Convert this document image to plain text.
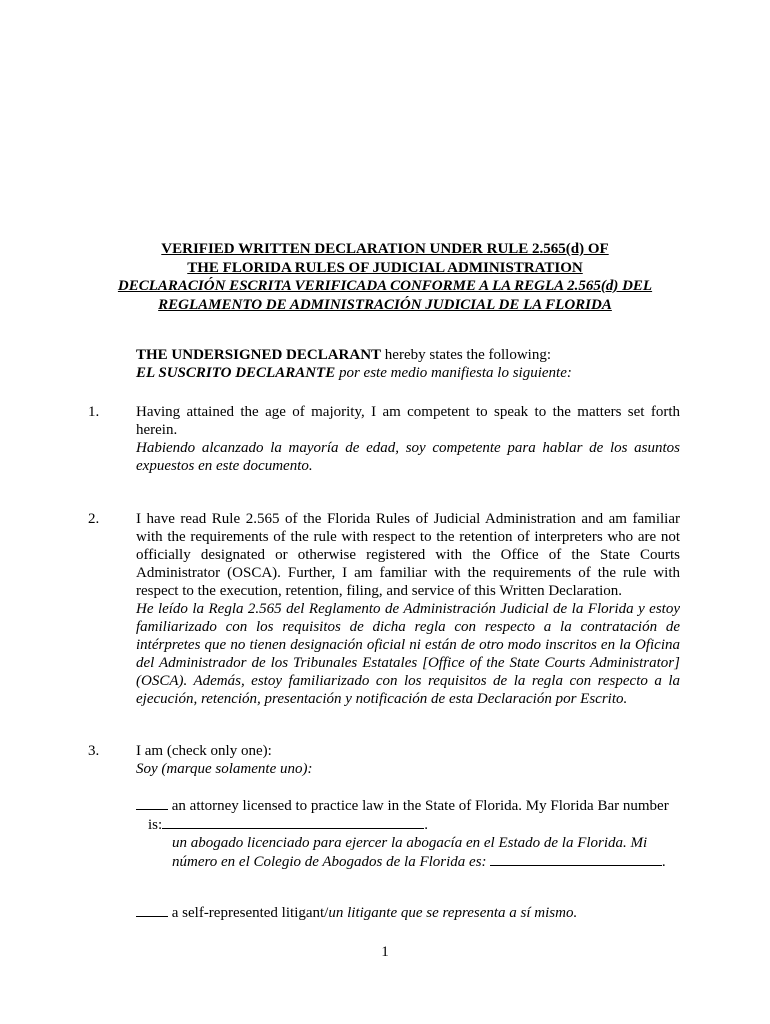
VERIFIED WRITTEN DECLARATION UNDER RULE 2.565(d) OF
THE FLORIDA RULES OF JUDICIAL ADMINISTRATION
DECLARACIÓN ESCRITA VERIFICADA CONFORME A LA REGLA 2.565(d) DEL
REGLAMENTO DE ADMINISTRACIÓN JUDICIAL DE LA FLORIDA
THE UNDERSIGNED DECLARANT hereby states the following:
EL SUSCRITO DECLARANTE por este medio manifiesta lo siguiente:
1. Having attained the age of majority, I am competent to speak to the matters set forth herein.
Habiendo alcanzado la mayoría de edad, soy competente para hablar de los asuntos expuestos en este documento.
2. I have read Rule 2.565 of the Florida Rules of Judicial Administration and am familiar with the requirements of the rule with respect to the retention of interpreters who are not officially designated or otherwise registered with the Office of the State Courts Administrator (OSCA). Further, I am familiar with the requirements of the rule with respect to the execution, retention, filing, and service of this Written Declaration.
He leído la Regla 2.565 del Reglamento de Administración Judicial de la Florida y estoy familiarizado con los requisitos de dicha regla con respecto a la contratación de intérpretes que no tienen designación oficial ni están de otro modo inscritos en la Oficina del Administrador de los Tribunales Estatales [Office of the State Courts Administrator] (OSCA). Además, estoy familiarizado con los requisitos de la regla con respecto a la ejecución, retención, presentación y notificación de esta Declaración por Escrito.
3. I am (check only one):
Soy (marque solamente uno):
an attorney licensed to practice law in the State of Florida. My Florida Bar number
is:	.
un abogado licenciado para ejercer la abogacía en el Estado de la Florida. Mi
número en el Colegio de Abogados de la Florida es:	.
a self-represented litigant/un litigante que se representa a sí mismo.
1
